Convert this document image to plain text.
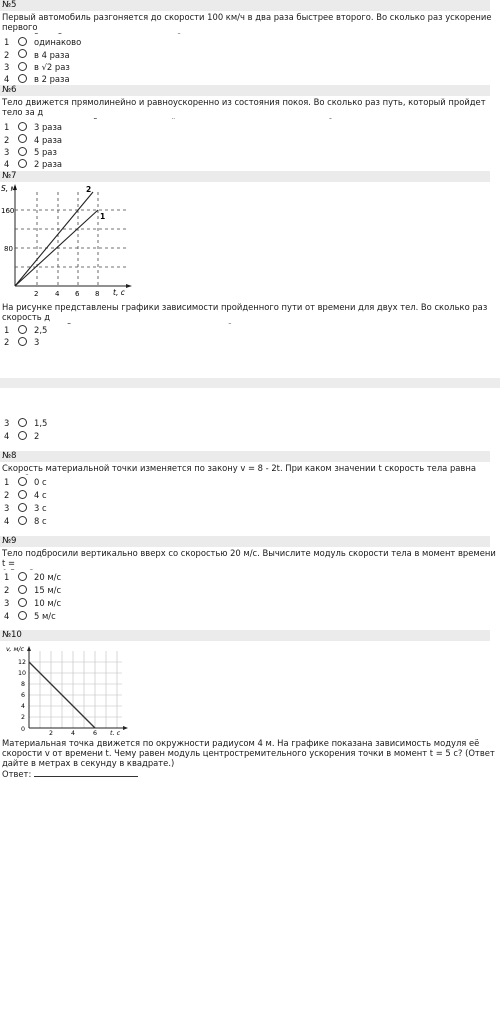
№5
Первый автомобиль разгоняется до скорости 100 км/ч в два раза быстрее второго. Во сколько раз ускорение первого

1	одинаково
2	в 4 раза
3	в √2 раз
4	в 2 раза
№6
Тело движется прямолинейно и равноускоренно из состояния покоя. Во сколько раз путь, который пройдет тело за д

1	3 раза
2	4 раза
3	5 раз
4	2 раза
№7
S, м
160
80
2 4 6 8 t, с
2
1
На рисунке представлены графики зависимости пройденного пути от времени для двух тел. Во сколько раз скорость д

1	2,5
2	3
3	1,5
4	2
№8
Скорость материальной точки изменяется по закону v = 8 - 2t. При каком значении t скорость тела равна
1	0 с
2	4 с
3	3 с
4	8 с
№9
Тело подбросили вертикально вверх со скоростью 20 м/с. Вычислите модуль скорости тела в момент времени t =

1	20 м/с
2	15 м/с
3	10 м/с
4	5 м/с
№10
v, м/с
12
10
8
6
4
2
0
2	4	6 t, с
Материальная точка движется по окружности радиусом 4 м. На графике показана зависимость модуля её
скорости v от времени t. Чему равен модуль центростремительного ускорения точки в момент t = 5 с? (Ответ
дайте в метрах в секунду в квадрате.)
Ответ:
